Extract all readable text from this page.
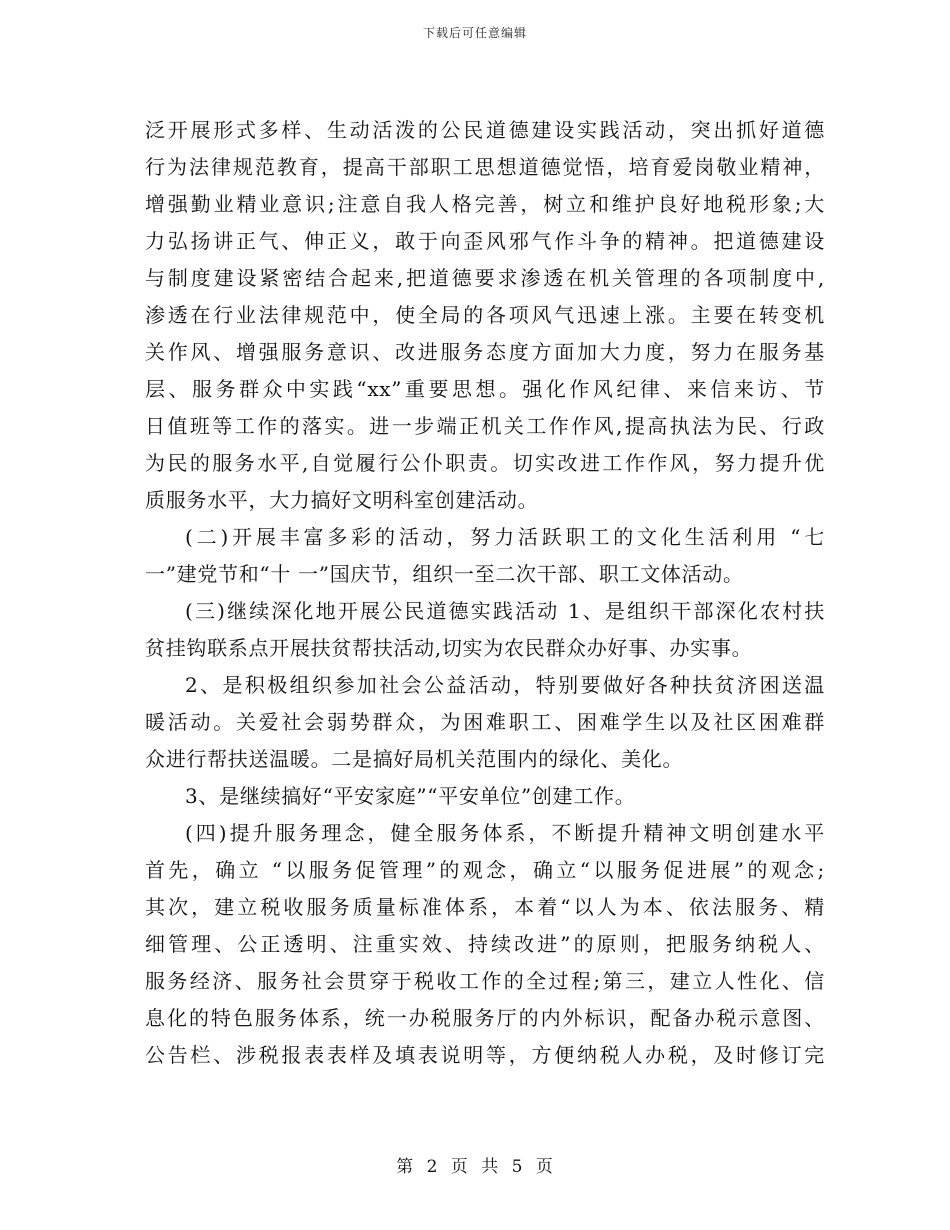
下载后可任意编辑
泛开展形式多样、生动活泼的公民道德建设实践活动，突出抓好道德
行为法律规范教育，提高干部职工思想道德觉悟，培育爱岗敬业精神，
增强勤业精业意识;注意自我人格完善，树立和维护良好地税形象;大
力弘扬讲正气、伸正义，敢于向歪风邪气作斗争的精神。把道德建设
与制度建设紧密结合起来,把道德要求渗透在机关管理的各项制度中,
渗透在行业法律规范中，使全局的各项风气迅速上涨。主要在转变机
关作风、增强服务意识、改进服务态度方面加大力度，努力在服务基
层、服务群众中实践“xx”重要思想。强化作风纪律、来信来访、节
日值班等工作的落实。进一步端正机关工作作风,提高执法为民、行政
为民的服务水平,自觉履行公仆职责。切实改进工作作风，努力提升优
质服务水平，大力搞好文明科室创建活动。
(二)开展丰富多彩的活动，努力活跃职工的文化生活利用 “七
一”建党节和“十 一”国庆节，组织一至二次干部、职工文体活动。
(三)继续深化地开展公民道德实践活动 1、是组织干部深化农村扶
贫挂钩联系点开展扶贫帮扶活动,切实为农民群众办好事、办实事。
2、是积极组织参加社会公益活动，特别要做好各种扶贫济困送温
暖活动。关爱社会弱势群众，为困难职工、困难学生以及社区困难群
众进行帮扶送温暖。二是搞好局机关范围内的绿化、美化。
3、是继续搞好“平安家庭”“平安单位”创建工作。
(四)提升服务理念，健全服务体系，不断提升精神文明创建水平
首先，确立 “以服务促管理”的观念，确立“以服务促进展”的观念;
其次，建立税收服务质量标准体系，本着“以人为本、依法服务、精
细管理、公正透明、注重实效、持续改进”的原则，把服务纳税人、
服务经济、服务社会贯穿于税收工作的全过程;第三，建立人性化、信
息化的特色服务体系，统一办税服务厅的内外标识，配备办税示意图、
公告栏、涉税报表表样及填表说明等，方便纳税人办税，及时修订完
第 2 页 共 5 页
